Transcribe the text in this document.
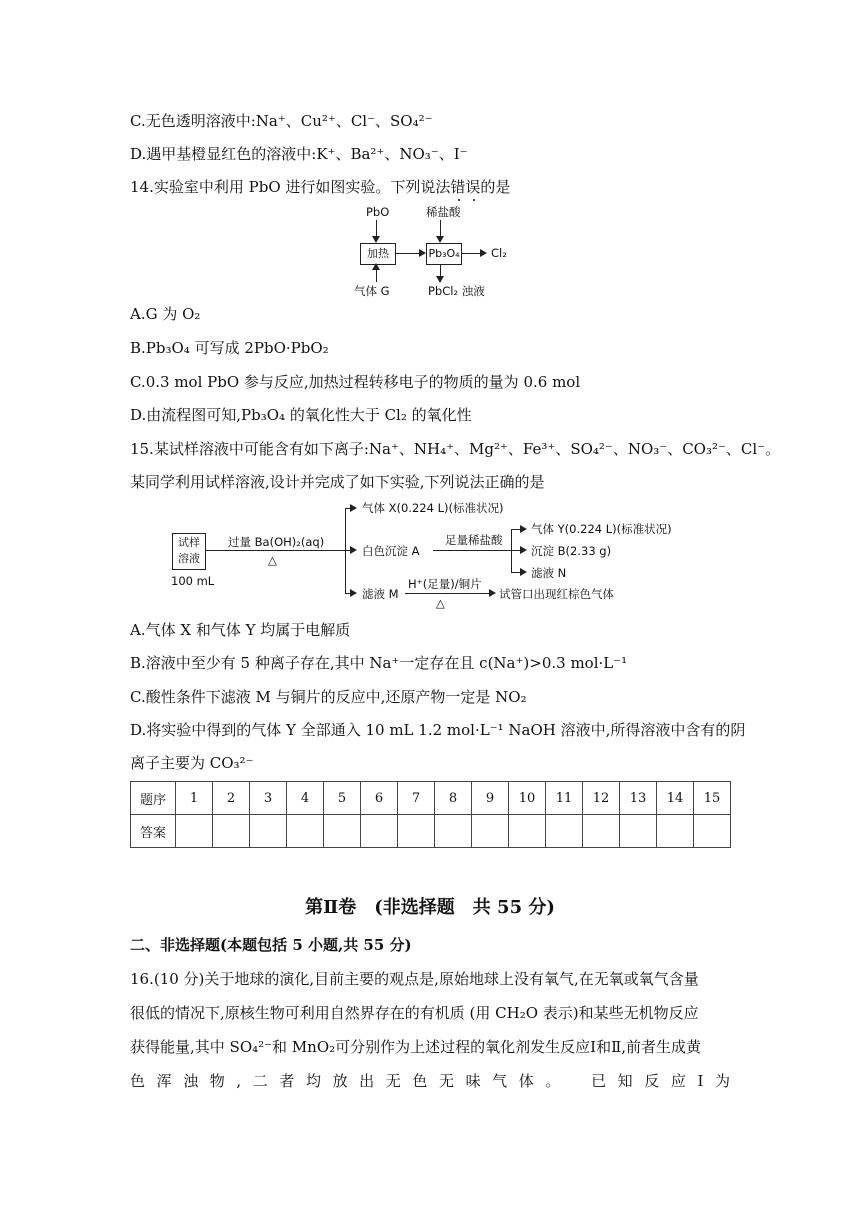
C.无色透明溶液中:Na⁺、Cu²⁺、Cl⁻、SO₄²⁻
D.遇甲基橙显红色的溶液中:K⁺、Ba²⁺、NO₃⁻、I⁻
14.实验室中利用 PbO 进行如图实验。下列说法错误的是
PbO	稀盐酸
加热	Pb₃O₄	Cl₂
气体 G	PbCl₂ 浊液
A.G 为 O₂
B.Pb₃O₄ 可写成 2PbO·PbO₂
C.0.3 mol PbO 参与反应,加热过程转移电子的物质的量为 0.6 mol
D.由流程图可知,Pb₃O₄ 的氧化性大于 Cl₂ 的氧化性
15.某试样溶液中可能含有如下离子:Na⁺、NH₄⁺、Mg²⁺、Fe³⁺、SO₄²⁻、NO₃⁻、CO₃²⁻、Cl⁻。
某同学利用试样溶液,设计并完成了如下实验,下列说法正确的是
试样
溶液
100 mL
过量 Ba(OH)₂(aq)
△
气体 X(0.224 L)(标准状况)
白色沉淀 A
足量稀盐酸
气体 Y(0.224 L)(标准状况)
沉淀 B(2.33 g)
滤液 N
滤液 M
H⁺(足量)/铜片
△
试管口出现红棕色气体
A.气体 X 和气体 Y 均属于电解质
B.溶液中至少有 5 种离子存在,其中 Na⁺一定存在且 c(Na⁺)>0.3 mol·L⁻¹
C.酸性条件下滤液 M 与铜片的反应中,还原产物一定是 NO₂
D.将实验中得到的气体 Y 全部通入 10 mL 1.2 mol·L⁻¹ NaOH 溶液中,所得溶液中含有的阴
离子主要为 CO₃²⁻
题序	1	2	3	4	5	6	7	8	9	10	11	12	13	14	15
答案															
第Ⅱ卷　(非选择题　共 55 分)
二、非选择题(本题包括 5 小题,共 55 分)
16.(10 分)关于地球的演化,目前主要的观点是,原始地球上没有氧气,在无氧或氧气含量
很低的情况下,原核生物可利用自然界存在的有机质 (用 CH₂O 表示)和某些无机物反应
获得能量,其中 SO₄²⁻和 MnO₂可分别作为上述过程的氧化剂发生反应Ⅰ和Ⅱ,前者生成黄
色浑浊物,二者均放出无色无味气体。　已知反应Ⅰ为
